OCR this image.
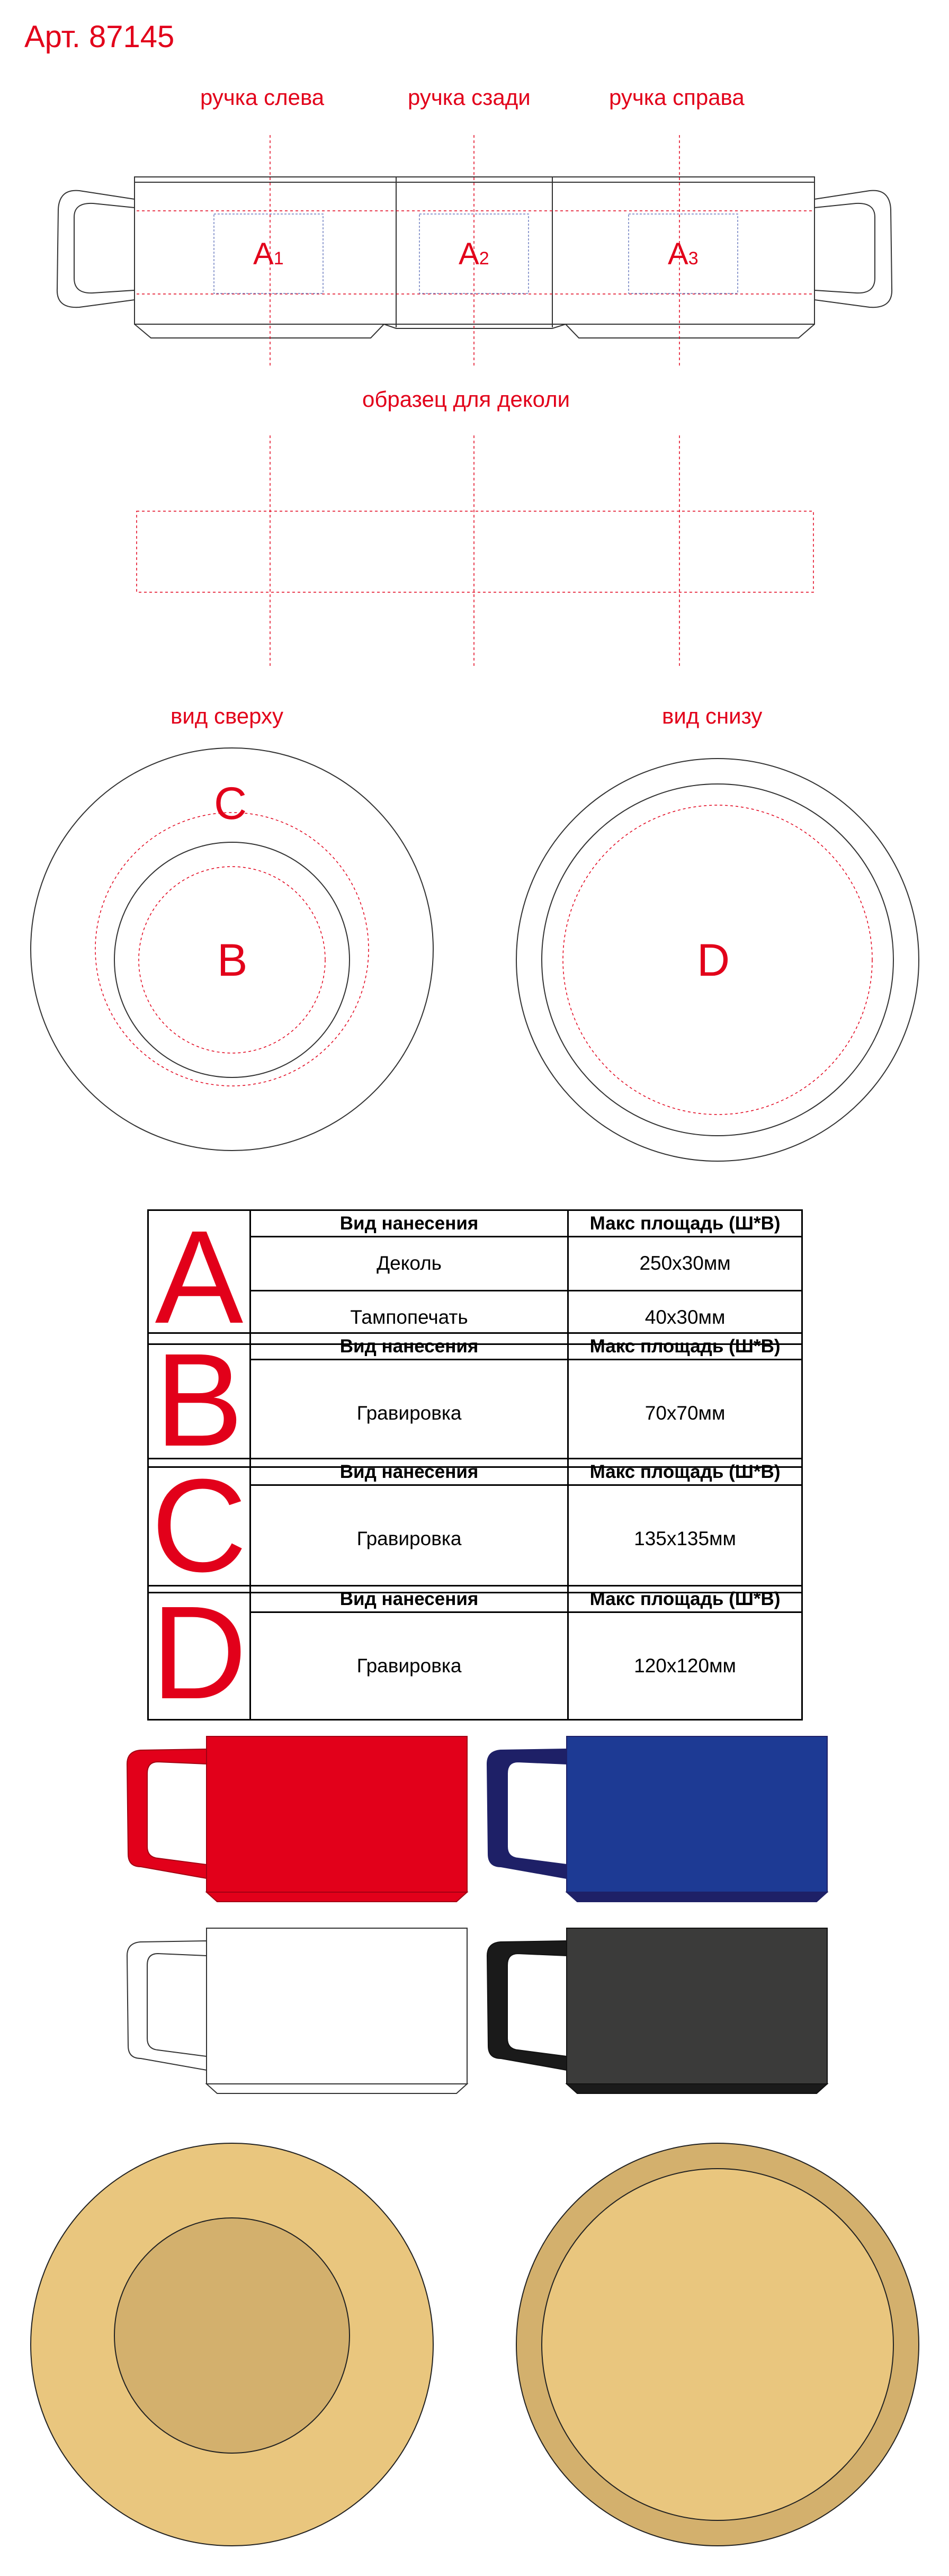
Арт. 87145
ручка слева	ручка сзади	ручка справа
A1	A2	A3
образец для деколи
вид сверху	вид снизу
C
B	D
A	Вид нанесения	Макс площадь (Ш*В)
	Деколь	250х30мм
	Тампопечать	40х30мм
B	Вид нанесения	Макс площадь (Ш*В)
	Гравировка	70х70мм
C	Вид нанесения	Макс площадь (Ш*В)
	Гравировка	135х135мм
D	Вид нанесения	Макс площадь (Ш*В)
	Гравировка	120х120мм
